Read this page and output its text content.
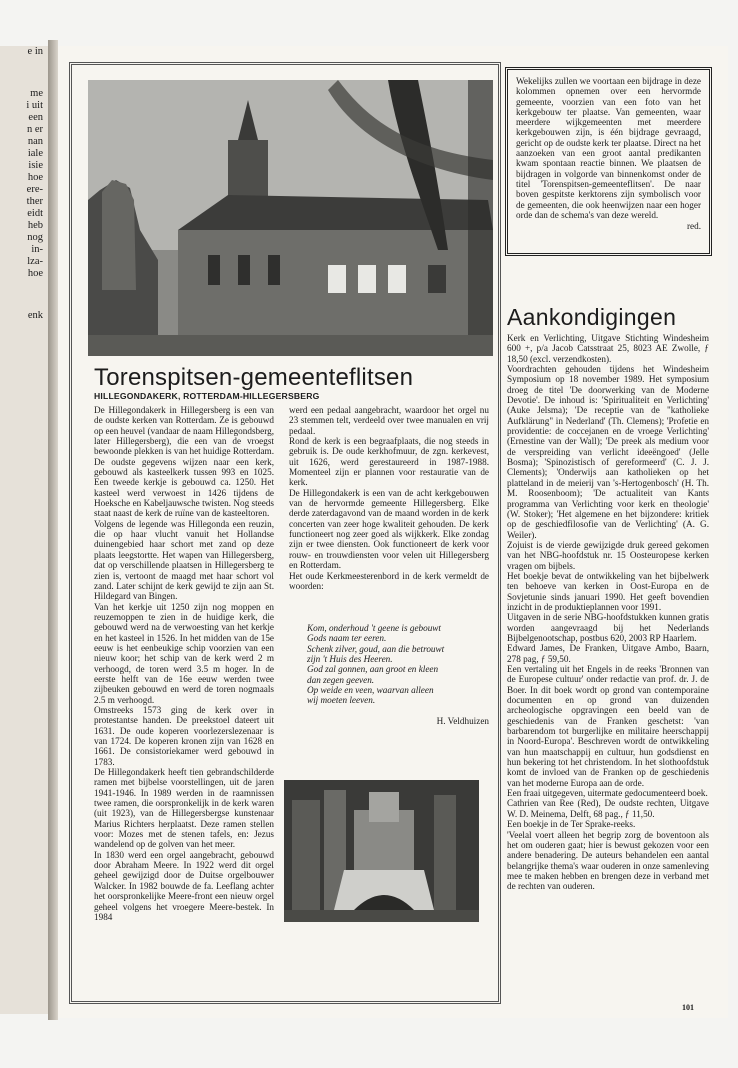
e in
me
i uit
een
n er
nan
iale
isie
hoe
ere-
ther
eidt
heb
nog
in-
lza-
hoe
enk
Torenspitsen-gemeenteflitsen
HILLEGONDAKERK, ROTTERDAM-HILLEGERSBERG

De Hillegondakerk in Hillegersberg is een van de oudste kerken van Rotterdam. Ze is gebouwd op een heuvel (vandaar de naam Hillegondsberg, later Hillegersberg), die een van de vroegst bewoonde plekken is van het huidige Rotterdam. De oudste gegevens wijzen naar een kerk, gebouwd als kasteelkerk tussen 993 en 1025. Een tweede kerkje is gebouwd ca. 1250. Het kasteel werd verwoest in 1426 tijdens de Hoeksche en Kabeljauwsche twisten. Nog steeds staat naast de kerk de ruïne van de kasteeltoren.

Volgens de legende was Hillegonda een reuzin, die op haar vlucht vanuit het Hollandse duinengebied haar schort met zand op deze plaats leegstortte. Het wapen van Hillegersberg, dat op verschillende plaatsen in Hillegersberg te zien is, vertoont de maagd met haar schort vol zand. Later schijnt de kerk gewijd te zijn aan St. Hildegard van Bingen.

Van het kerkje uit 1250 zijn nog moppen en reuzemoppen te zien in de huidige kerk, die gebouwd werd na de verwoesting van het kerkje en het kasteel in 1526. In het midden van de 15e eeuw is het eenbeukige schip voorzien van een nieuw koor; het schip van de kerk werd 2 m verhoogd, de toren werd 3.5 m hoger. In de eerste helft van de 16e eeuw werden twee zijbeuken gebouwd en werd de toren nogmaals 2.5 m verhoogd.

Omstreeks 1573 ging de kerk over in protestantse handen. De preekstoel dateert uit 1631. De oude koperen voorlezerslezenaar is van 1724. De koperen kronen zijn van 1628 en 1661. De consistoriekamer werd gebouwd in 1783.

De Hillegondakerk heeft tien gebrandschilderde ramen met bijbelse voorstellingen, uit de jaren 1941-1946. In 1989 werden in de raamnissen twee ramen, die oorspronkelijk in de kerk waren (uit 1923), van de Hillegersbergse kunstenaar Marius Richters herplaatst. Deze ramen stellen voor: Mozes met de stenen tafels, en: Jezus wandelend op de golven van het meer.

In 1830 werd een orgel aangebracht, gebouwd door Abraham Meere. In 1922 werd dit orgel geheel gewijzigd door de Duitse orgelbouwer Walcker. In 1982 bouwde de fa. Leeflang achter het oorspronkelijke Meere-front een nieuw orgel geheel volgens het vroegere Meere-bestek. In 1984

werd een pedaal aangebracht, waardoor het orgel nu 23 stemmen telt, verdeeld over twee manualen en vrij pedaal.

Rond de kerk is een begraafplaats, die nog steeds in gebruik is. De oude kerkhofmuur, de zgn. kerkevest, uit 1626, werd gerestaureerd in 1987-1988. Momenteel zijn er plannen voor restauratie van de kerk.

De Hillegondakerk is een van de acht kerkgebouwen van de hervormde gemeente Hillegersberg. Elke derde zaterdagavond van de maand worden in de kerk concerten van zeer hoge kwaliteit gehouden. De kerk functioneert nog zeer goed als wijkkerk. Elke zondag zijn er twee diensten. Ook functioneert de kerk voor rouw- en trouwdiensten voor velen uit Hillegersberg en Rotterdam.

Het oude Kerkmeesterenbord in de kerk vermeldt de woorden:

Kom, onderhoud 't geene is gebouwt
Gods naam ter eeren.
Schenk zilver, goud, aan die betrouwt
zijn 't Huis des Heeren.
God zal gonnen, aan groot en kleen
dan zegen geeven.
Op weide en veen, waarvan alleen
wij moeten leeven.
H. Veldhuizen

Wekelijks zullen we voortaan een bijdrage in deze kolommen opnemen over een hervormde gemeente, voorzien van een foto van het kerkgebouw ter plaatse. Van gemeenten, waar meerdere wijkgemeenten met meerdere kerkgebouwen zijn, is één bijdrage gevraagd, gericht op de oudste kerk ter plaatse. Direct na het aanzoeken van een groot aantal predikanten kwam spontaan reactie binnen. We plaatsen de bijdragen in volgorde van binnenkomst onder de titel 'Torenspitsen-gemeenteflitsen'. De naar boven gespitste kerktorens zijn symbolisch voor de gemeenten, die ook heenwijzen naar een hoger orde dan de schema's van deze wereld.

red.
Aankondigingen

Kerk en Verlichting, Uitgave Stichting Windesheim 600 +, p/a Jacob Catsstraat 25, 8023 AE Zwolle, ƒ 18,50 (excl. verzendkosten).

Voordrachten gehouden tijdens het Windesheim Symposium op 18 november 1989. Het symposium droeg de titel 'De doorwerking van de Moderne Devotie'. De inhoud is: 'Spiritualiteit en Verlichting' (Auke Jelsma); 'De receptie van de "katholieke Aufklärung" in Nederland' (Th. Clemens); 'Profetie en providentie: de coccejanen en de vroege Verlichting' (Ernestine van der Wall); 'De preek als medium voor de verspreiding van verlicht ideeëngoed' (Jelle Bosma); 'Spinozistisch of gereformeerd' (C. J. J. Clements); 'Onderwijs aan katholieken op het platteland in de meierij van 's-Hertogenbosch' (H. Th. M. Roosenboom); 'De actualiteit van Kants programma van Verlichting voor kerk en theologie' (W. Stoker); 'Het algemene en het bijzondere: kritiek op de geschiedfilosofie van de Verlichting' (A. G. Weiler).

Zojuist is de vierde gewijzigde druk gereed gekomen van het NBG-hoofdstuk nr. 15 Oosteuropese kerken vragen om bijbels.

Het boekje bevat de ontwikkeling van het bijbelwerk ten behoeve van kerken in Oost-Europa en de Sovjetunie sinds januari 1990. Het geeft bovendien inzicht in de produktieplannen voor 1991.

Uitgaven in de serie NBG-hoofdstukken kunnen gratis worden aangevraagd bij het Nederlands Bijbelgenootschap, postbus 620, 2003 RP Haarlem.

Edward James, De Franken, Uitgave Ambo, Baarn, 278 pag, ƒ 59,50.

Een vertaling uit het Engels in de reeks 'Bronnen van de Europese cultuur' onder redactie van prof. dr. J. de Boer. In dit boek wordt op grond van contemporaine documenten en op grond van duizenden archeologische opgravingen een beeld van de geschiedenis van de Franken geschetst: 'van barbarendom tot burgerlijke en militaire heerschappij in Noord-Europa'. Beschreven wordt de ontwikkeling van hun maatschappij en cultuur, hun godsdienst en hun bekering tot het christendom. In het slothoofdstuk komt de invloed van de Franken op de geschiedenis van het moderne Europa aan de orde.

Een fraai uitgegeven, uitermate gedocumenteerd boek.

Cathrien van Ree (Red), De oudste rechten, Uitgave W. D. Meinema, Delft, 68 pag., ƒ 11,50.

Een boekje in de Ter Sprake-reeks.

'Veelal voert alleen het begrip zorg de boventoon als het om ouderen gaat; hier is bewust gekozen voor een andere benadering. De auteurs behandelen een aantal belangrijke thema's waar ouderen in onze samenleving mee te maken hebben en brengen deze in verband met de rechten van ouderen.

101
